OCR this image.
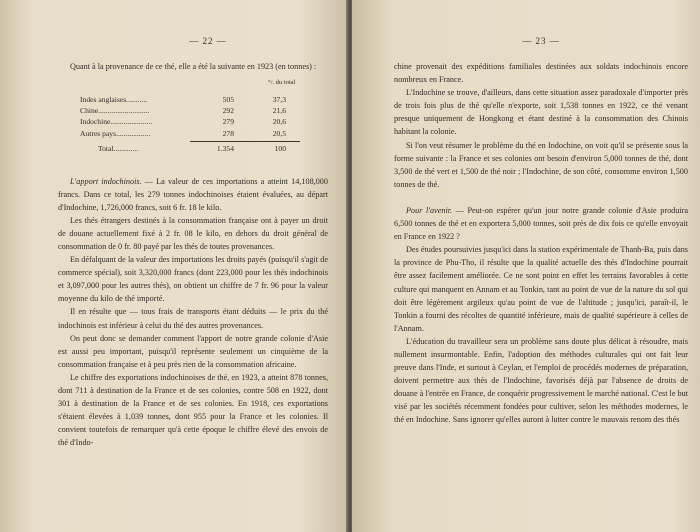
— 22 —

Quant à la provenance de ce thé, elle a été la suivante en 1923 (en tonnes) :

°/. du total
Indes anglaises...........	505	37,3
Chine...........................	292	21,6
Indochine......................	279	20,6
Autres pays..................	278	20,5
Total.............	1.354	100

L'apport indochinois. — La valeur de ces importations a atteint 14,108,000 francs. Dans ce total, les 279 tonnes indochinoises étaient évaluées, au départ d'Indochine, 1,726,000 francs, soit 6 fr. 18 le kilo.

Les thés étrangers destinés à la consommation française ont à payer un droit de douane actuellement fixé à 2 fr. 08 le kilo, en dehors du droit général de consommation de 0 fr. 80 payé par les thés de toutes provenances.

En défalquant de la valeur des importations les droits payés (puisqu'il s'agit de commerce spécial), soit 3,320,000 francs (dont 223,000 pour les thés indochinois et 3,097,000 pour les autres thés), on obtient un chiffre de 7 fr. 96 pour la valeur moyenne du kilo de thé importé.

Il en résulte que — tous frais de transports étant déduits — le prix du thé indochinois est inférieur à celui du thé des autres provenances.

On peut donc se demander comment l'apport de notre grande colonie d'Asie est aussi peu important, puisqu'il représente seulement un cinquième de la consommation française et à peu près rien de la consommation africaine.

Le chiffre des exportations indochinoises de thé, en 1923, a atteint 878 tonnes, dont 711 à destination de la France et de ses colonies, contre 508 en 1922, dont 301 à destination de la France et de ses colonies. En 1918, ces exportations s'étaient élevées à 1,039 tonnes, dont 955 pour la France et les colonies. Il convient toutefois de remarquer qu'à cette époque le chiffre élevé des envois de thé d'Indo-

— 23 —

chine provenait des expéditions familiales destinées aux soldats indochinois encore nombreux en France.

L'Indochine se trouve, d'ailleurs, dans cette situation assez paradoxale d'importer près de trois fois plus de thé qu'elle n'exporte, soit 1,538 tonnes en 1922, ce thé venant presque uniquement de Hongkong et étant destiné à la consommation des Chinois habitant la colonie.

Si l'on veut résumer le problème du thé en Indochine, on voit qu'il se présente sous la forme suivante : la France et ses colonies ont besoin d'environ 5,000 tonnes de thé, dont 3,500 de thé vert et 1,500 de thé noir ; l'Indochine, de son côté, consomme environ 1,500 tonnes de thé.

Pour l'avenir. — Peut-on espérer qu'un jour notre grande colonie d'Asie produira 6,500 tonnes de thé et en exportera 5,000 tonnes, soit près de dix fois ce qu'elle envoyait en France en 1922 ?

Des études poursuivies jusqu'ici dans la station expérimentale de Thanh-Ba, puis dans la province de Phu-Tho, il résulte que la qualité actuelle des thés d'Indochine pourrait être assez facilement améliorée. Ce ne sont point en effet les terrains favorables à cette culture qui manquent en Annam et au Tonkin, tant au point de vue de la nature du sol qui doit être légèrement argileux qu'au point de vue de l'altitude ; jusqu'ici, paraît-il, le Tonkin a fourni des récoltes de quantité inférieure, mais de qualité supérieure à celles de l'Annam.

L'éducation du travailleur sera un problème sans doute plus délicat à résoudre, mais nullement insurmontable. Enfin, l'adoption des méthodes culturales qui ont fait leur preuve dans l'Inde, et surtout à Ceylan, et l'emploi de procédés modernes de préparation, doivent permettre aux thés de l'Indochine, favorisés déjà par l'absence de droits de douane à l'entrée en France, de conquérir progressivement le marché national. C'est le but visé par les sociétés récemment fondées pour cultiver, selon les méthodes modernes, le thé en Indochine. Sans ignorer qu'elles auront à lutter contre le mauvais renom des thés
